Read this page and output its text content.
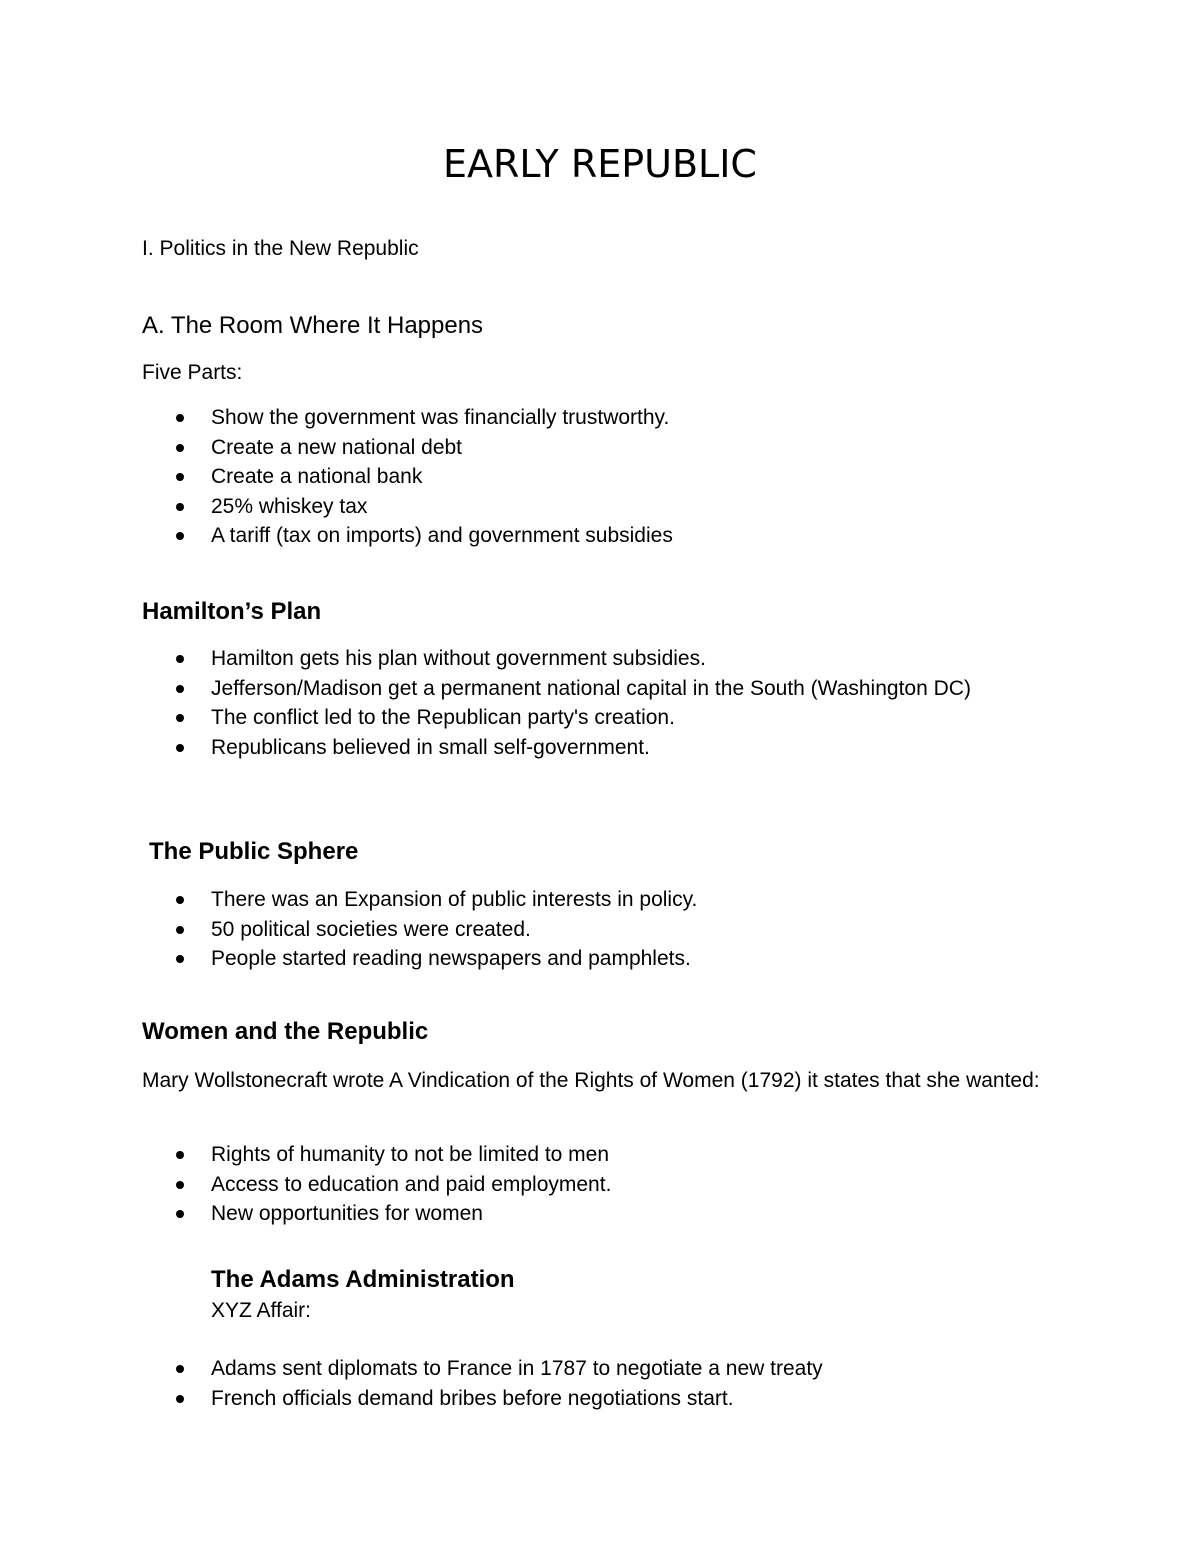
EARLY REPUBLIC

I. Politics in the New Republic

A. The Room Where It Happens

Five Parts:

Show the government was financially trustworthy.
Create a new national debt
Create a national bank
25% whiskey tax
A tariff (tax on imports) and government subsidies
Hamilton’s Plan
Hamilton gets his plan without government subsidies.
Jefferson/Madison get a permanent national capital in the South (Washington DC)
The conflict led to the Republican party's creation.
Republicans believed in small self-government.
The Public Sphere
There was an Expansion of public interests in policy.
50 political societies were created.
People started reading newspapers and pamphlets.
Women and the Republic

Mary Wollstonecraft wrote A Vindication of the Rights of Women (1792) it states that she wanted:

Rights of humanity to not be limited to men
Access to education and paid employment.
New opportunities for women
The Adams Administration

XYZ Affair:

Adams sent diplomats to France in 1787 to negotiate a new treaty
French officials demand bribes before negotiations start.
